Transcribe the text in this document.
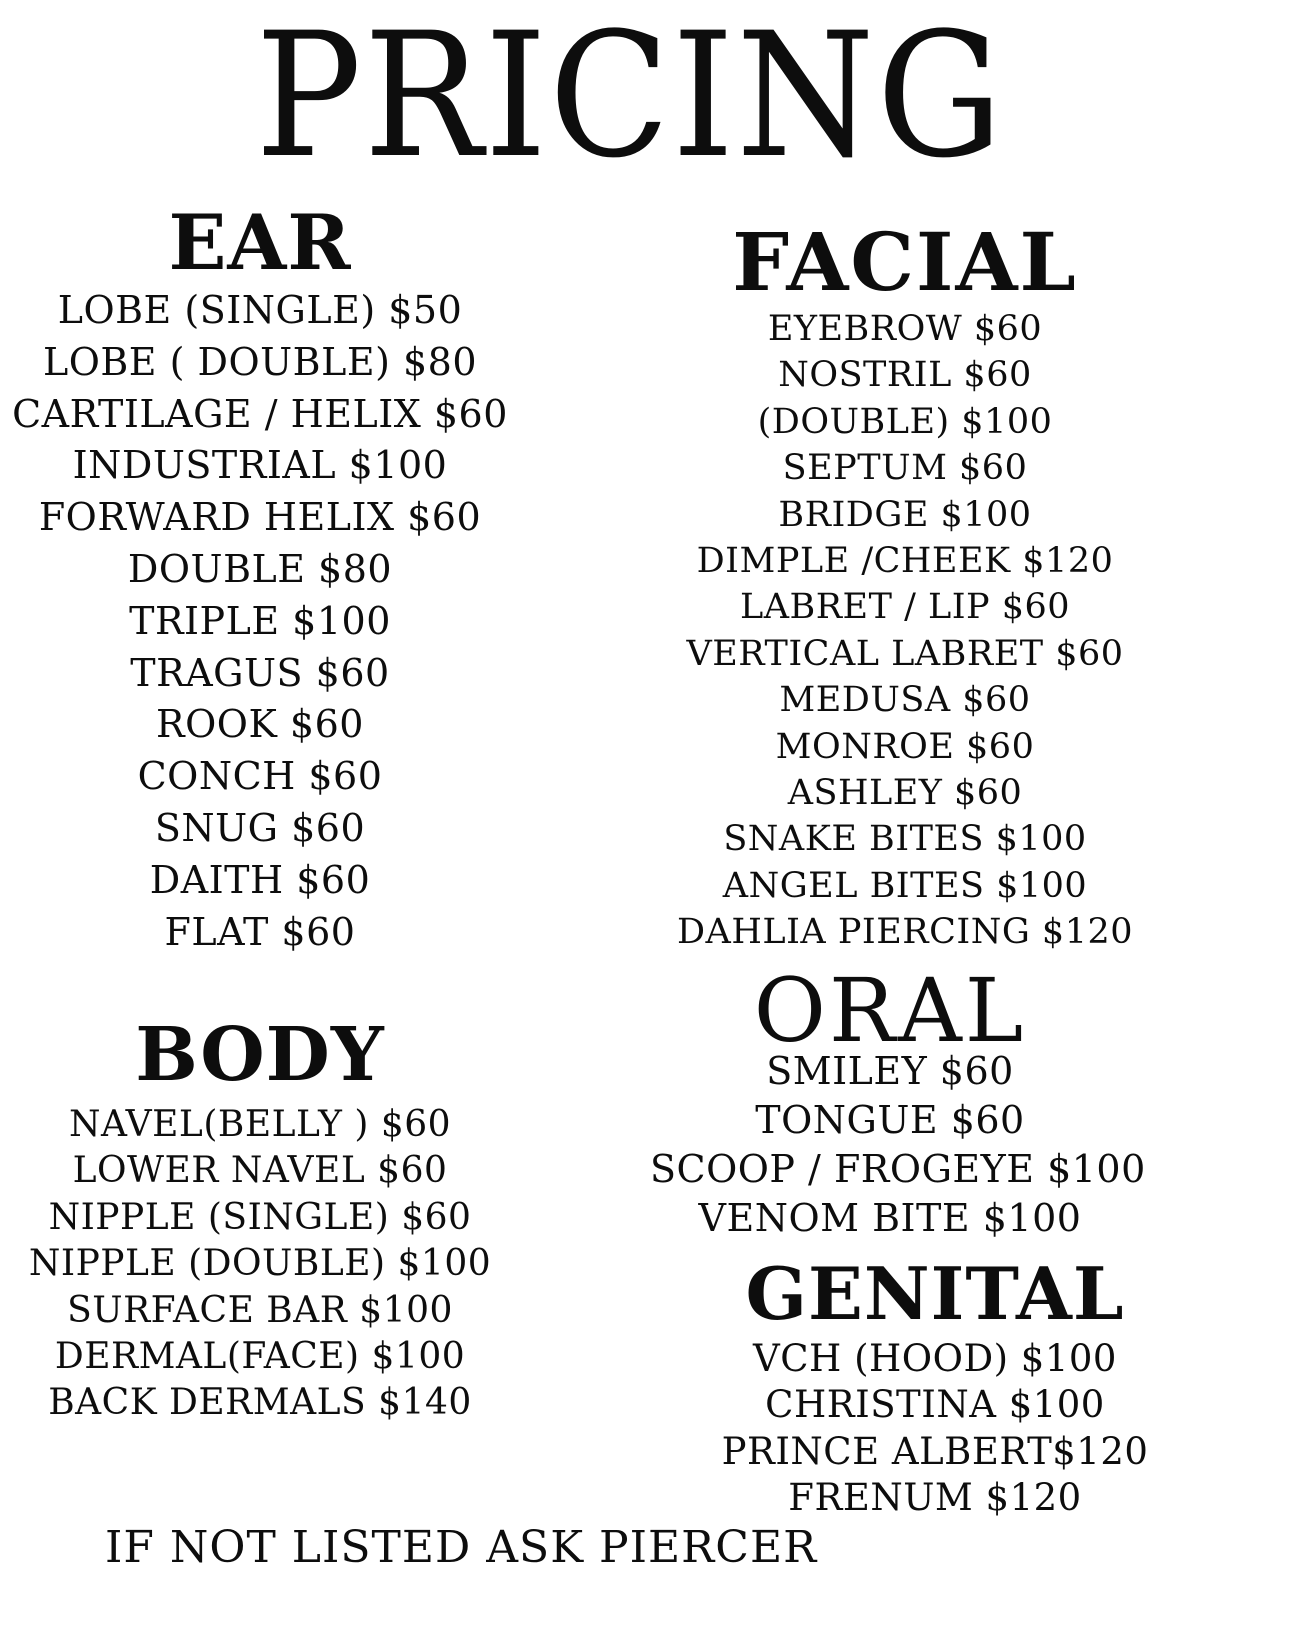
PRICING
EAR
LOBE (SINGLE) $50
LOBE ( DOUBLE) $80
CARTILAGE / HELIX $60
INDUSTRIAL $100
FORWARD HELIX $60
DOUBLE $80
TRIPLE $100
TRAGUS $60
ROOK $60
CONCH $60
SNUG $60
DAITH $60
FLAT $60
BODY
NAVEL(BELLY ) $60
LOWER NAVEL $60
NIPPLE (SINGLE) $60
NIPPLE (DOUBLE) $100
SURFACE BAR $100
DERMAL(FACE) $100
BACK DERMALS $140
FACIAL
EYEBROW $60
NOSTRIL $60
(DOUBLE) $100
SEPTUM $60
BRIDGE $100
DIMPLE /CHEEK $120
LABRET / LIP $60
VERTICAL LABRET $60
MEDUSA $60
MONROE $60
ASHLEY $60
SNAKE BITES $100
ANGEL BITES $100
DAHLIA PIERCING $120
ORAL
SMILEY $60
TONGUE $60
SCOOP / FROGEYE $100
VENOM BITE $100
GENITAL
VCH (HOOD) $100
CHRISTINA $100
PRINCE ALBERT$120
FRENUM $120

IF NOT LISTED ASK PIERCER
